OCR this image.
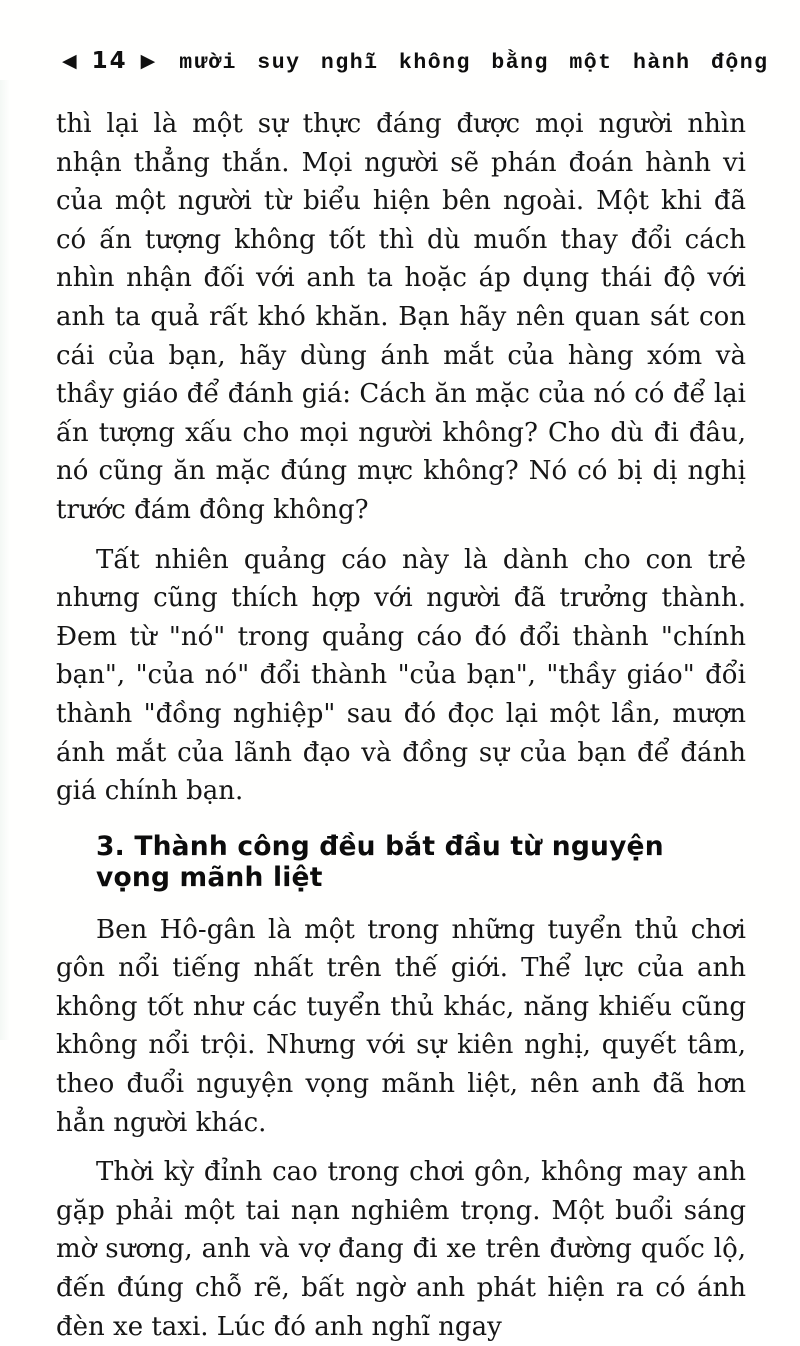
◀ 14 ▶ mười suy nghĩ không bằng một hành động

thì lại là một sự thực đáng được mọi người nhìn nhận thẳng thắn. Mọi người sẽ phán đoán hành vi của một người từ biểu hiện bên ngoài. Một khi đã có ấn tượng không tốt thì dù muốn thay đổi cách nhìn nhận đối với anh ta hoặc áp dụng thái độ với anh ta quả rất khó khăn. Bạn hãy nên quan sát con cái của bạn, hãy dùng ánh mắt của hàng xóm và thầy giáo để đánh giá: Cách ăn mặc của nó có để lại ấn tượng xấu cho mọi người không? Cho dù đi đâu, nó cũng ăn mặc đúng mực không? Nó có bị dị nghị trước đám đông không?

Tất nhiên quảng cáo này là dành cho con trẻ nhưng cũng thích hợp với người đã trưởng thành. Đem từ "nó" trong quảng cáo đó đổi thành "chính bạn", "của nó" đổi thành "của bạn", "thầy giáo" đổi thành "đồng nghiệp" sau đó đọc lại một lần, mượn ánh mắt của lãnh đạo và đồng sự của bạn để đánh giá chính bạn.

3. Thành công đều bắt đầu từ nguyện vọng mãnh liệt

Ben Hô-gân là một trong những tuyển thủ chơi gôn nổi tiếng nhất trên thế giới. Thể lực của anh không tốt như các tuyển thủ khác, năng khiếu cũng không nổi trội. Nhưng với sự kiên nghị, quyết tâm, theo đuổi nguyện vọng mãnh liệt, nên anh đã hơn hẳn người khác.

Thời kỳ đỉnh cao trong chơi gôn, không may anh gặp phải một tai nạn nghiêm trọng. Một buổi sáng mờ sương, anh và vợ đang đi xe trên đường quốc lộ, đến đúng chỗ rẽ, bất ngờ anh phát hiện ra có ánh đèn xe taxi. Lúc đó anh nghĩ ngay
